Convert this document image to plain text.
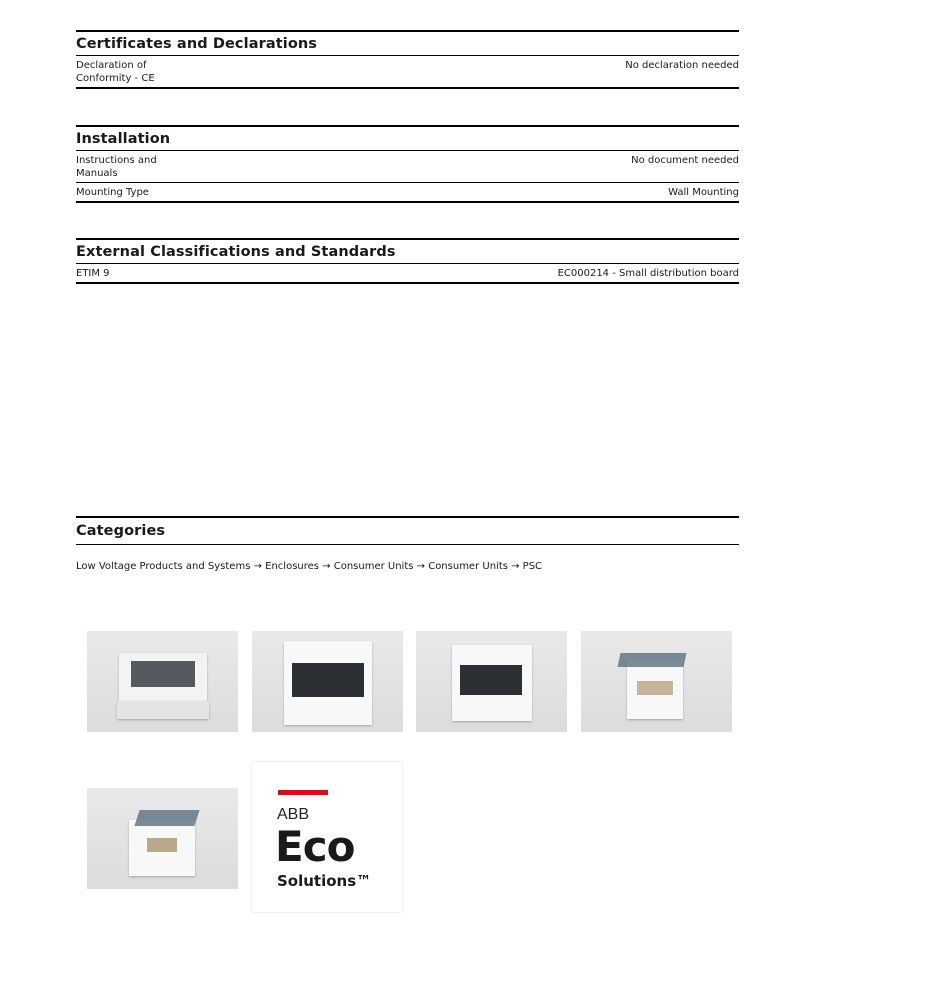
Certificates and Declarations
Declaration of Conformity - CE
No declaration needed
Installation
Instructions and Manuals
No document needed
Mounting Type	Wall Mounting
External Classifications and Standards
ETIM 9	EC000214 - Small distribution board
Categories
Low Voltage Products and Systems → Enclosures → Consumer Units → Consumer Units → PSC
ABB
Eco
Solutions™
